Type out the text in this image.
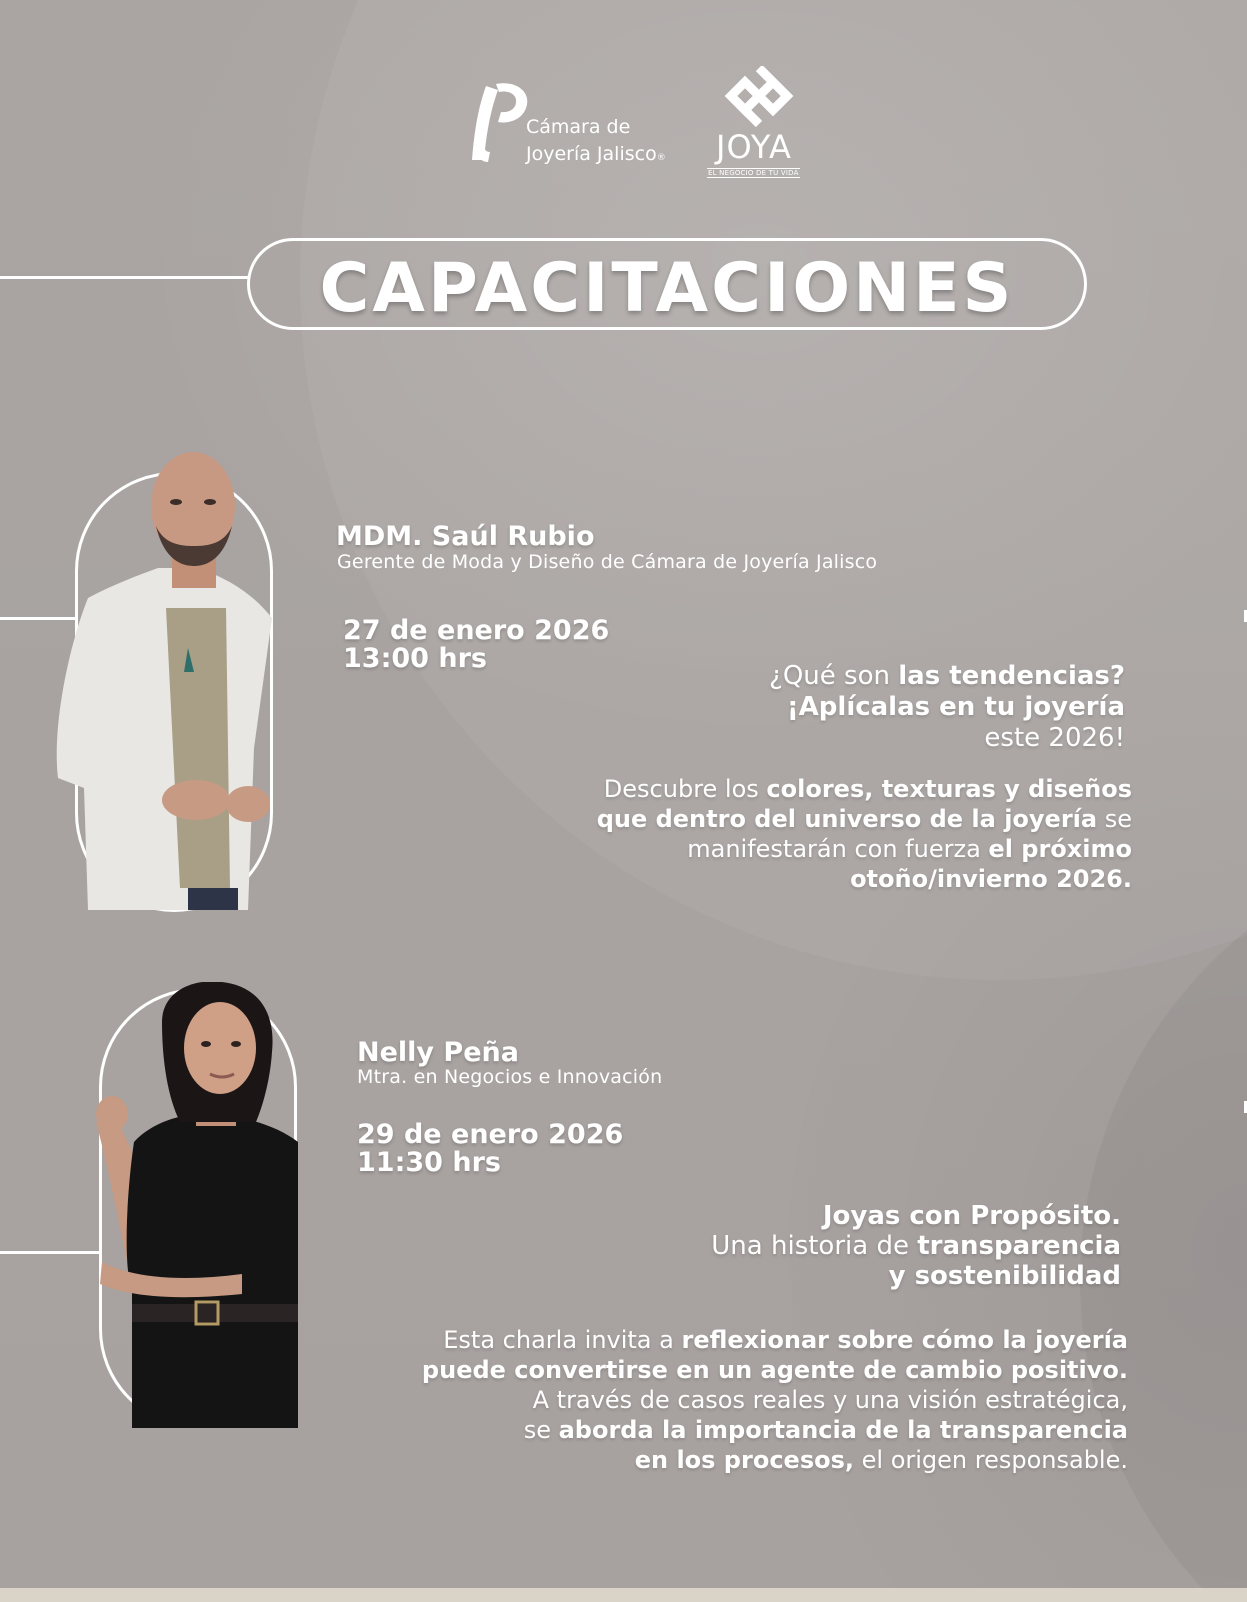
Cámara de
Joyería Jalisco® JOYA
EL NEGOCIO DE TU VIDA
CAPACITACIONES
MDM. Saúl Rubio
Gerente de Moda y Diseño de Cámara de Joyería Jalisco
27 de enero 2026
13:00 hrs
¿Qué son las tendencias?
¡Aplícalas en tu joyería
este 2026!
Descubre los colores, texturas y diseños
que dentro del universo de la joyería se
manifestarán con fuerza el próximo
otoño/invierno 2026.
Nelly Peña
Mtra. en Negocios e Innovación
29 de enero 2026
11:30 hrs
Joyas con Propósito.
Una historia de transparencia
y sostenibilidad
Esta charla invita a reflexionar sobre cómo la joyería
puede convertirse en un agente de cambio positivo.
A través de casos reales y una visión estratégica,
se aborda la importancia de la transparencia
en los procesos, el origen responsable.
